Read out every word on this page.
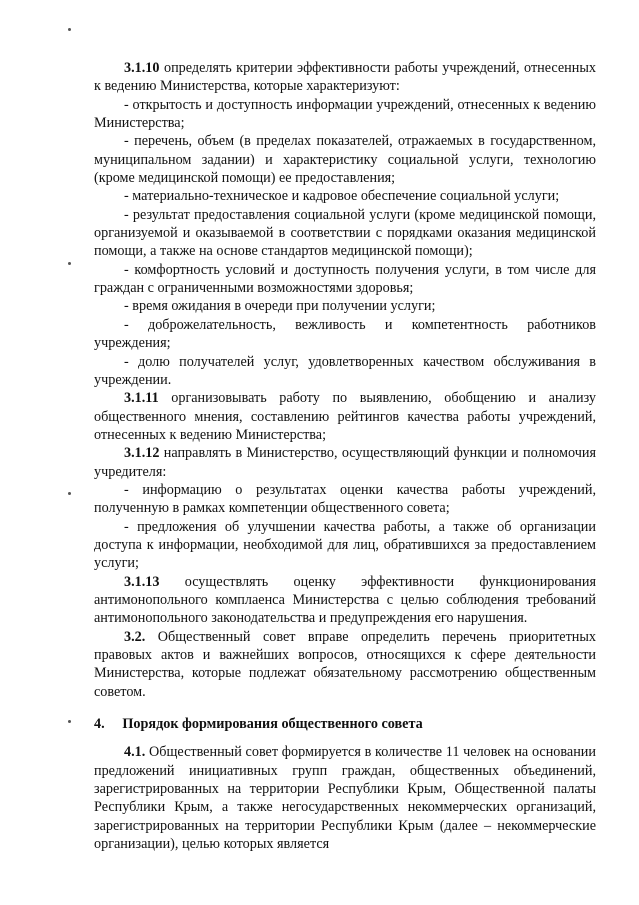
3.1.10 определять критерии эффективности работы учреждений, отнесенных к ведению Министерства, которые характеризуют:

- открытость и доступность информации учреждений, отнесенных к ведению Министерства;

- перечень, объем (в пределах показателей, отражаемых в государственном, муниципальном задании) и характеристику социальной услуги, технологию (кроме медицинской помощи) ее предоставления;

- материально-техническое и кадровое обеспечение социальной услуги;

- результат предоставления социальной услуги (кроме медицинской помощи, организуемой и оказываемой в соответствии с порядками оказания медицинской помощи, а также на основе стандартов медицинской помощи);

- комфортность условий и доступность получения услуги, в том числе для граждан с ограниченными возможностями здоровья;

- время ожидания в очереди при получении услуги;

- доброжелательность, вежливость и компетентность работников учреждения;

- долю получателей услуг, удовлетворенных качеством обслуживания в учреждении.

3.1.11 организовывать работу по выявлению, обобщению и анализу общественного мнения, составлению рейтингов качества работы учреждений, отнесенных к ведению Министерства;

3.1.12 направлять в Министерство, осуществляющий функции и полномочия учредителя:

- информацию о результатах оценки качества работы учреждений, полученную в рамках компетенции общественного совета;

- предложения об улучшении качества работы, а также об организации доступа к информации, необходимой для лиц, обратившихся за предоставлением услуги;

3.1.13 осуществлять оценку эффективности функционирования антимонопольного комплаенса Министерства с целью соблюдения требований антимонопольного законодательства и предупреждения его нарушения.

3.2. Общественный совет вправе определить перечень приоритетных правовых актов и важнейших вопросов, относящихся к сфере деятельности Министерства, которые подлежат обязательному рассмотрению общественным советом.

4. Порядок формирования общественного совета

4.1. Общественный совет формируется в количестве 11 человек на основании предложений инициативных групп граждан, общественных объединений, зарегистрированных на территории Республики Крым, Общественной палаты Республики Крым, а также негосударственных некоммерческих организаций, зарегистрированных на территории Республики Крым (далее – некоммерческие организации), целью которых является
